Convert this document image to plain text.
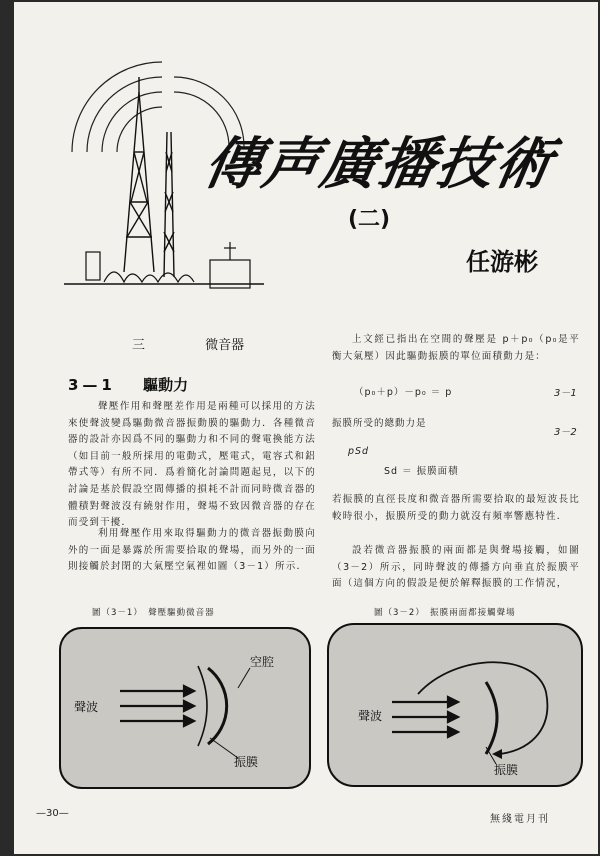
傳声廣播技術
(二)
任游彬
三	微音器
3—1 驅動力
聲壓作用和聲壓差作用是兩種可以採用的方法來使聲波變爲驅動微音器振動膜的驅動力．各種微音器的設計亦因爲不同的驅動力和不同的聲電換能方法（如目前一般所採用的電動式，壓電式，電容式和鋁帶式等）有所不同．爲着簡化討論問題起見，以下的討論是基於假設空間傳播的損耗不計而同時微音器的體積對聲波沒有繞射作用，聲場不致因微音器的存在而受到干擾．
利用聲壓作用來取得驅動力的微音器振動膜向外的一面是暴露於所需要拾取的聲場，而另外的一面則接觸於封閉的大氣壓空氣裡如圖（3－1）所示．
上文經已指出在空間的聲壓是 p＋p₀（p₀是平衡大氣壓）因此驅動振膜的單位面積動力是：
（p₀＋p）－p₀ ＝ p	3－1
振膜所受的總動力是
pSd
Sd ＝ 振膜面積
3－2
若振膜的直徑長度和微音器所需要拾取的最短波長比較時很小，振膜所受的動力就沒有頻率響應特性．
設若微音器振膜的兩面都是與聲場接觸，如圖（3－2）所示，同時聲波的傳播方向垂直於振膜平面（這個方向的假設是便於解釋振膜的工作情況，
圖（3－1）　聲壓驅動微音器	圖（3－2）　振膜兩面都接觸聲場
聲波
空腔
振膜
聲波
振膜
—30—
無綫電月刊
